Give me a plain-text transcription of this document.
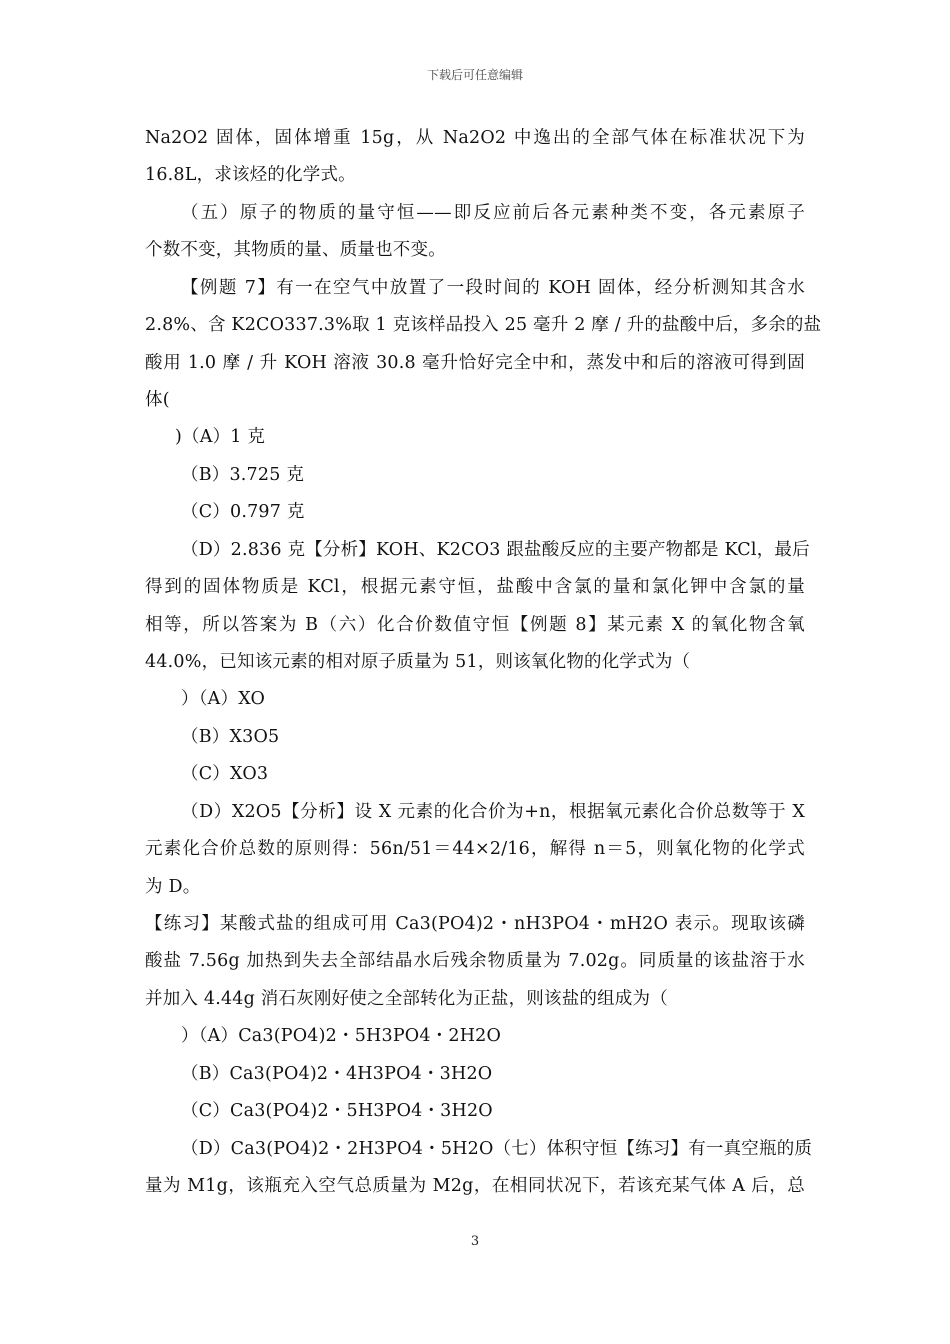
下载后可任意编辑
Na2O2 固体，固体增重 15g，从 Na2O2 中逸出的全部气体在标准状况下为
16.8L，求该烃的化学式。
（五）原子的物质的量守恒——即反应前后各元素种类不变，各元素原子
个数不变，其物质的量、质量也不变。
【例题 7】有一在空气中放置了一段时间的 KOH 固体，经分析测知其含水
2.8%、含 K2CO337.3%取 1 克该样品投入 25 毫升 2 摩 / 升的盐酸中后，多余的盐
酸用 1.0 摩 / 升 KOH 溶液 30.8 毫升恰好完全中和，蒸发中和后的溶液可得到固
体(
)（A）1 克
（B）3.725 克
（C）0.797 克
（D）2.836 克【分析】KOH、K2CO3 跟盐酸反应的主要产物都是 KCl，最后
得到的固体物质是 KCl，根据元素守恒，盐酸中含氯的量和氯化钾中含氯的量
相等，所以答案为 B（六）化合价数值守恒【例题 8】某元素 X 的氧化物含氧
44.0%，已知该元素的相对原子质量为 51，则该氧化物的化学式为（
）（A）XO
（B）X3O5
（C）XO3
（D）X2O5【分析】设 X 元素的化合价为+n，根据氧元素化合价总数等于 X
元素化合价总数的原则得：56n/51＝44×2/16，解得 n＝5，则氧化物的化学式
为 D。
【练习】某酸式盐的组成可用 Ca3(PO4)2・nH3PO4・mH2O 表示。现取该磷
酸盐 7.56g 加热到失去全部结晶水后残余物质量为 7.02g。同质量的该盐溶于水
并加入 4.44g 消石灰刚好使之全部转化为正盐，则该盐的组成为（
）（A）Ca3(PO4)2・5H3PO4・2H2O
（B）Ca3(PO4)2・4H3PO4・3H2O
（C）Ca3(PO4)2・5H3PO4・3H2O
（D）Ca3(PO4)2・2H3PO4・5H2O（七）体积守恒【练习】有一真空瓶的质
量为 M1g，该瓶充入空气总质量为 M2g，在相同状况下，若该充某气体 A 后，总
3
